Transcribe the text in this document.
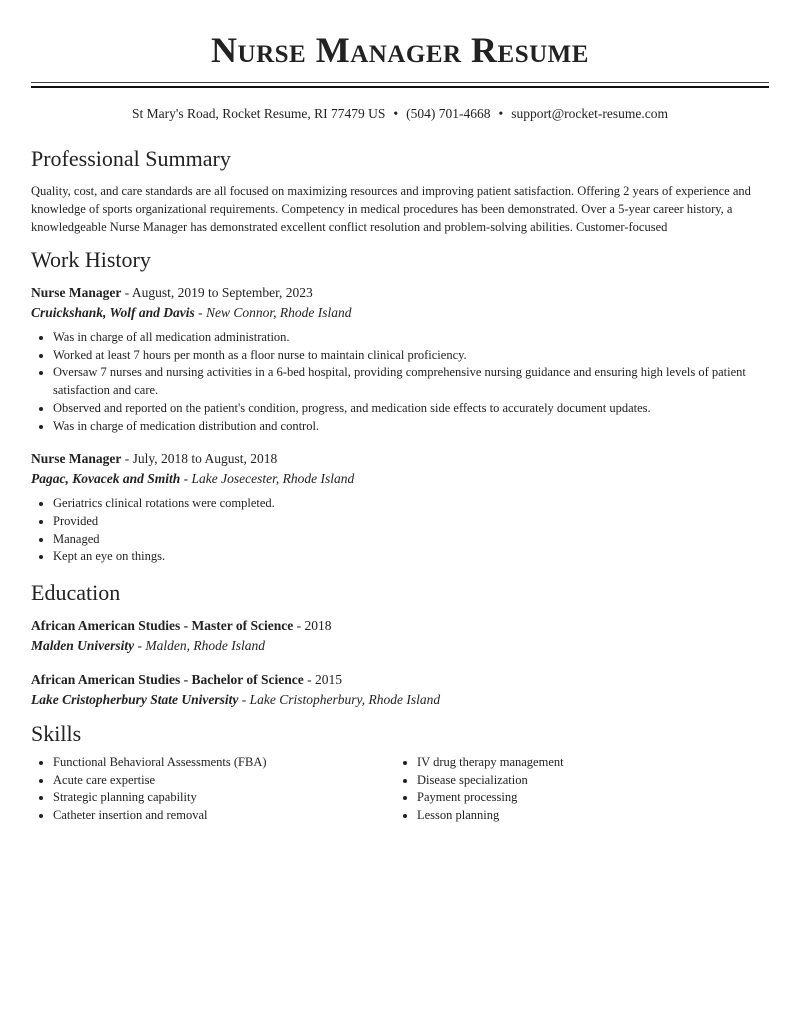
Nurse Manager Resume
St Mary's Road, Rocket Resume, RI 77479 US • (504) 701-4668 • support@rocket-resume.com
Professional Summary
Quality, cost, and care standards are all focused on maximizing resources and improving patient satisfaction. Offering 2 years of experience and knowledge of sports organizational requirements. Competency in medical procedures has been demonstrated. Over a 5-year career history, a knowledgeable Nurse Manager has demonstrated excellent conflict resolution and problem-solving abilities. Customer-focused
Work History
Nurse Manager - August, 2019 to September, 2023
Cruickshank, Wolf and Davis - New Connor, Rhode Island
• Was in charge of all medication administration.
• Worked at least 7 hours per month as a floor nurse to maintain clinical proficiency.
• Oversaw 7 nurses and nursing activities in a 6-bed hospital, providing comprehensive nursing guidance and ensuring high levels of patient satisfaction and care.
• Observed and reported on the patient's condition, progress, and medication side effects to accurately document updates.
• Was in charge of medication distribution and control.
Nurse Manager - July, 2018 to August, 2018
Pagac, Kovacek and Smith - Lake Josecester, Rhode Island
• Geriatrics clinical rotations were completed.
• Provided
• Managed
• Kept an eye on things.
Education
African American Studies - Master of Science - 2018
Malden University - Malden, Rhode Island
African American Studies - Bachelor of Science - 2015
Lake Cristopherbury State University - Lake Cristopherbury, Rhode Island
Skills
• Functional Behavioral Assessments (FBA)
• Acute care expertise
• Strategic planning capability
• Catheter insertion and removal
• IV drug therapy management
• Disease specialization
• Payment processing
• Lesson planning
